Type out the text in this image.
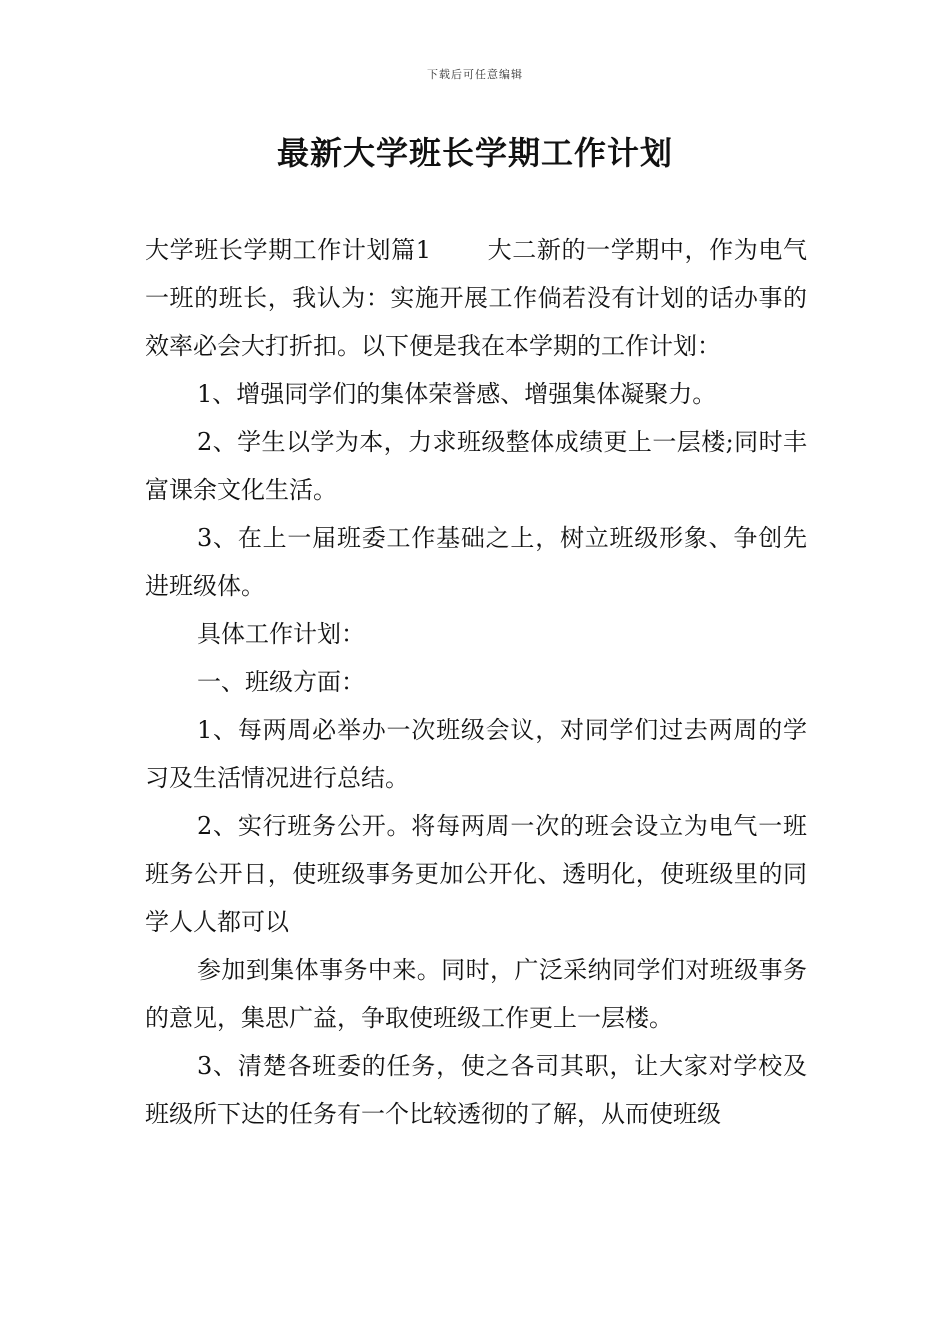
下载后可任意编辑
最新大学班长学期工作计划

大学班长学期工作计划篇1 大二新的一学期中，作为电气一班的班长，我认为：实施开展工作倘若没有计划的话办事的效率必会大打折扣。以下便是我在本学期的工作计划：

1、增强同学们的集体荣誉感、增强集体凝聚力。

2、学生以学为本，力求班级整体成绩更上一层楼;同时丰富课余文化生活。

3、在上一届班委工作基础之上，树立班级形象、争创先进班级体。

具体工作计划：

一、班级方面：

1、每两周必举办一次班级会议，对同学们过去两周的学习及生活情况进行总结。

2、实行班务公开。将每两周一次的班会设立为电气一班班务公开日，使班级事务更加公开化、透明化，使班级里的同学人人都可以

参加到集体事务中来。同时，广泛采纳同学们对班级事务的意见，集思广益，争取使班级工作更上一层楼。

3、清楚各班委的任务，使之各司其职，让大家对学校及班级所下达的任务有一个比较透彻的了解，从而使班级
